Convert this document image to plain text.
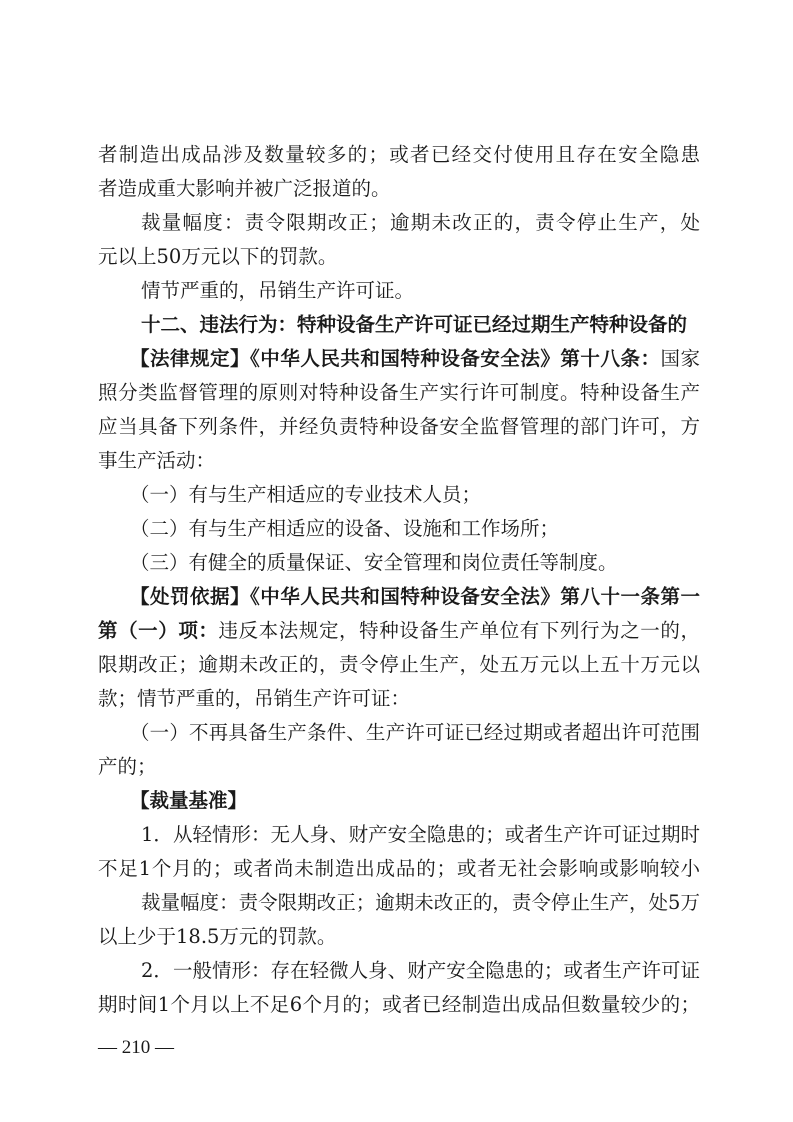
者制造出成品涉及数量较多的；或者已经交付使用且存在安全隐患
者造成重大影响并被广泛报道的。
裁量幅度：责令限期改正；逾期未改正的，责令停止生产，处
元以上50万元以下的罚款。
情节严重的，吊销生产许可证。
十二、违法行为：特种设备生产许可证已经过期生产特种设备的
【法律规定】《中华人民共和国特种设备安全法》第十八条：国家
照分类监督管理的原则对特种设备生产实行许可制度。特种设备生产
应当具备下列条件，并经负责特种设备安全监督管理的部门许可，方
事生产活动：
（一）有与生产相适应的专业技术人员；
（二）有与生产相适应的设备、设施和工作场所；
（三）有健全的质量保证、安全管理和岗位责任等制度。
【处罚依据】《中华人民共和国特种设备安全法》第八十一条第一
第（一）项：违反本法规定，特种设备生产单位有下列行为之一的，
限期改正；逾期未改正的，责令停止生产，处五万元以上五十万元以
款；情节严重的，吊销生产许可证：
（一）不再具备生产条件、生产许可证已经过期或者超出许可范围
产的；
【裁量基准】
1．从轻情形：无人身、财产安全隐患的；或者生产许可证过期时
不足1个月的；或者尚未制造出成品的；或者无社会影响或影响较小
裁量幅度：责令限期改正；逾期未改正的，责令停止生产，处5万
以上少于18.5万元的罚款。
2．一般情形：存在轻微人身、财产安全隐患的；或者生产许可证
期时间1个月以上不足6个月的；或者已经制造出成品但数量较少的；
— 210 —
